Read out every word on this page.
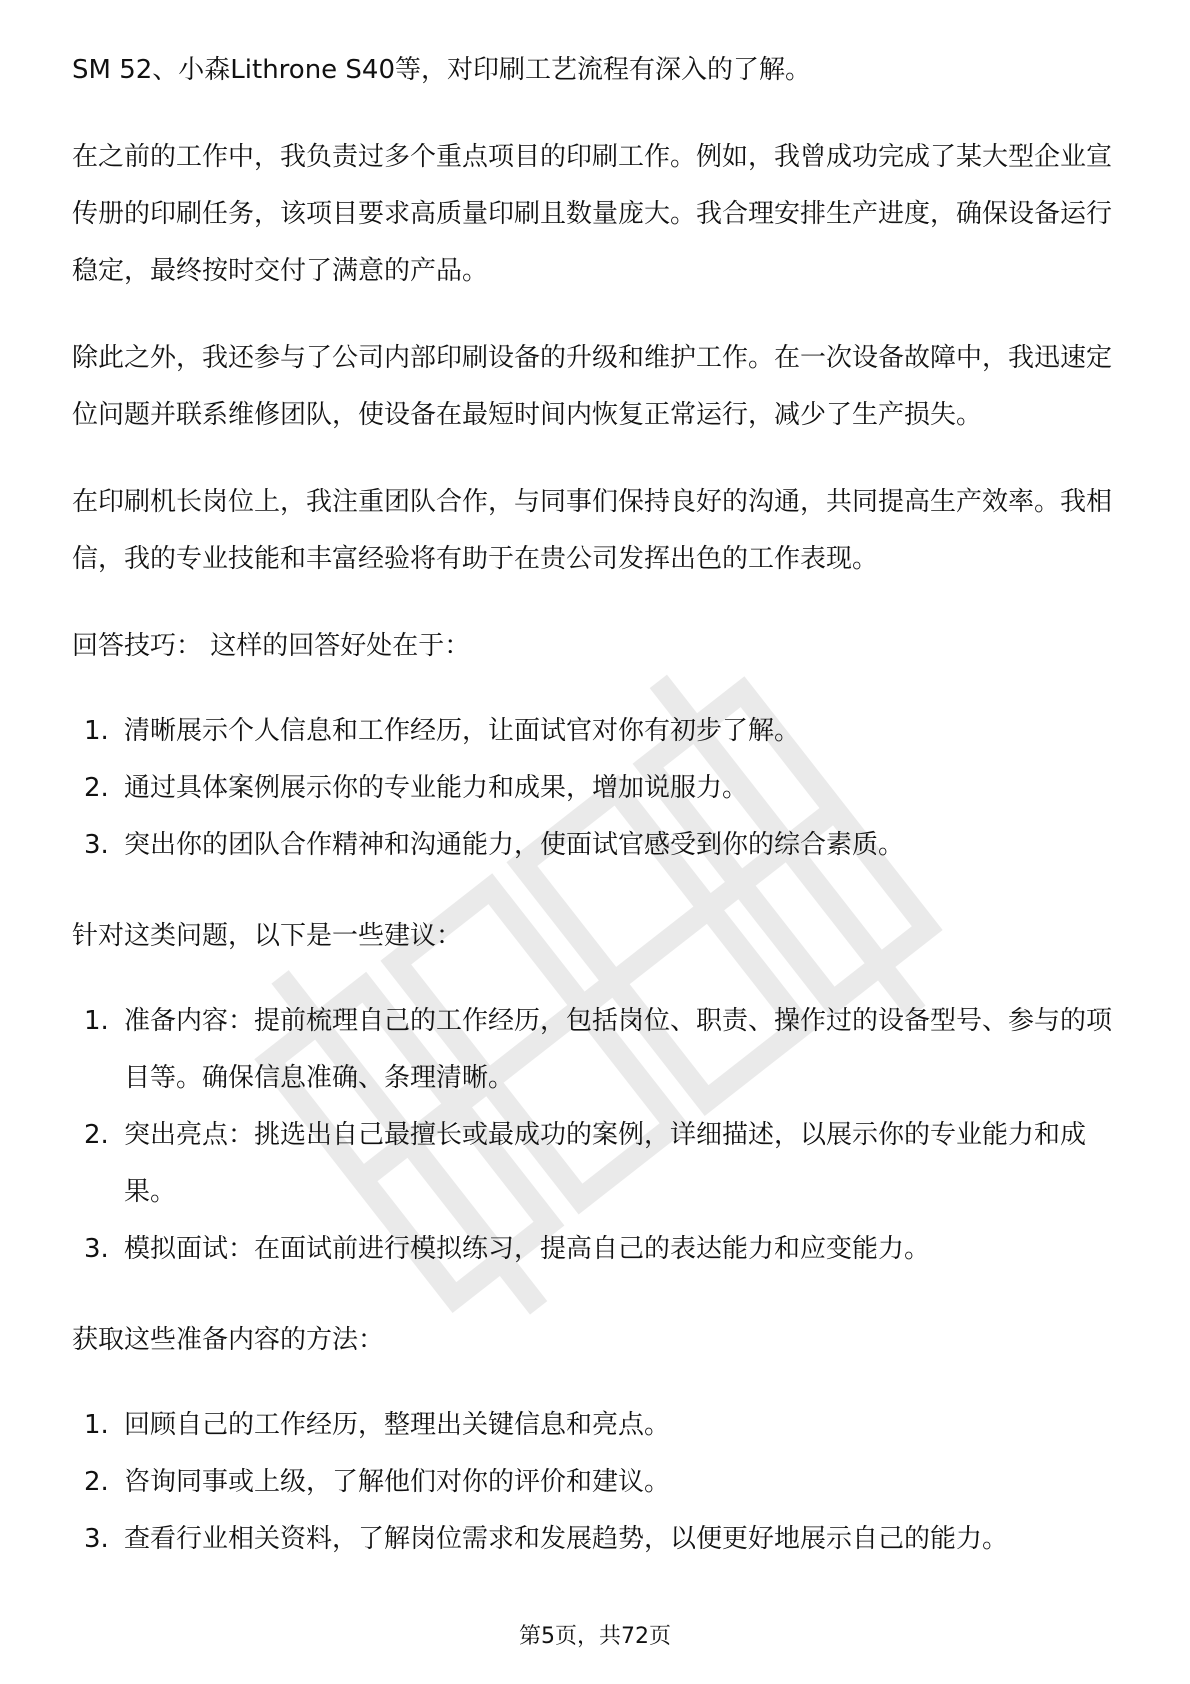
SM 52、小森Lithrone S40等，对印刷工艺流程有深入的了解。

在之前的工作中，我负责过多个重点项目的印刷工作。例如，我曾成功完成了某大型企业宣传册的印刷任务，该项目要求高质量印刷且数量庞大。我合理安排生产进度，确保设备运行稳定，最终按时交付了满意的产品。

除此之外，我还参与了公司内部印刷设备的升级和维护工作。在一次设备故障中，我迅速定位问题并联系维修团队，使设备在最短时间内恢复正常运行，减少了生产损失。

在印刷机长岗位上，我注重团队合作，与同事们保持良好的沟通，共同提高生产效率。我相信，我的专业技能和丰富经验将有助于在贵公司发挥出色的工作表现。

回答技巧： 这样的回答好处在于：
1. 清晰展示个人信息和工作经历，让面试官对你有初步了解。
2. 通过具体案例展示你的专业能力和成果，增加说服力。
3. 突出你的团队合作精神和沟通能力，使面试官感受到你的综合素质。
针对这类问题，以下是一些建议：
1. 准备内容：提前梳理自己的工作经历，包括岗位、职责、操作过的设备型号、参与的项目等。确保信息准确、条理清晰。
2. 突出亮点：挑选出自己最擅长或最成功的案例，详细描述，以展示你的专业能力和成果。
3. 模拟面试：在面试前进行模拟练习，提高自己的表达能力和应变能力。
获取这些准备内容的方法：
1. 回顾自己的工作经历，整理出关键信息和亮点。
2. 咨询同事或上级，了解他们对你的评价和建议。
3. 查看行业相关资料，了解岗位需求和发展趋势，以便更好地展示自己的能力。
第5页，共72页
